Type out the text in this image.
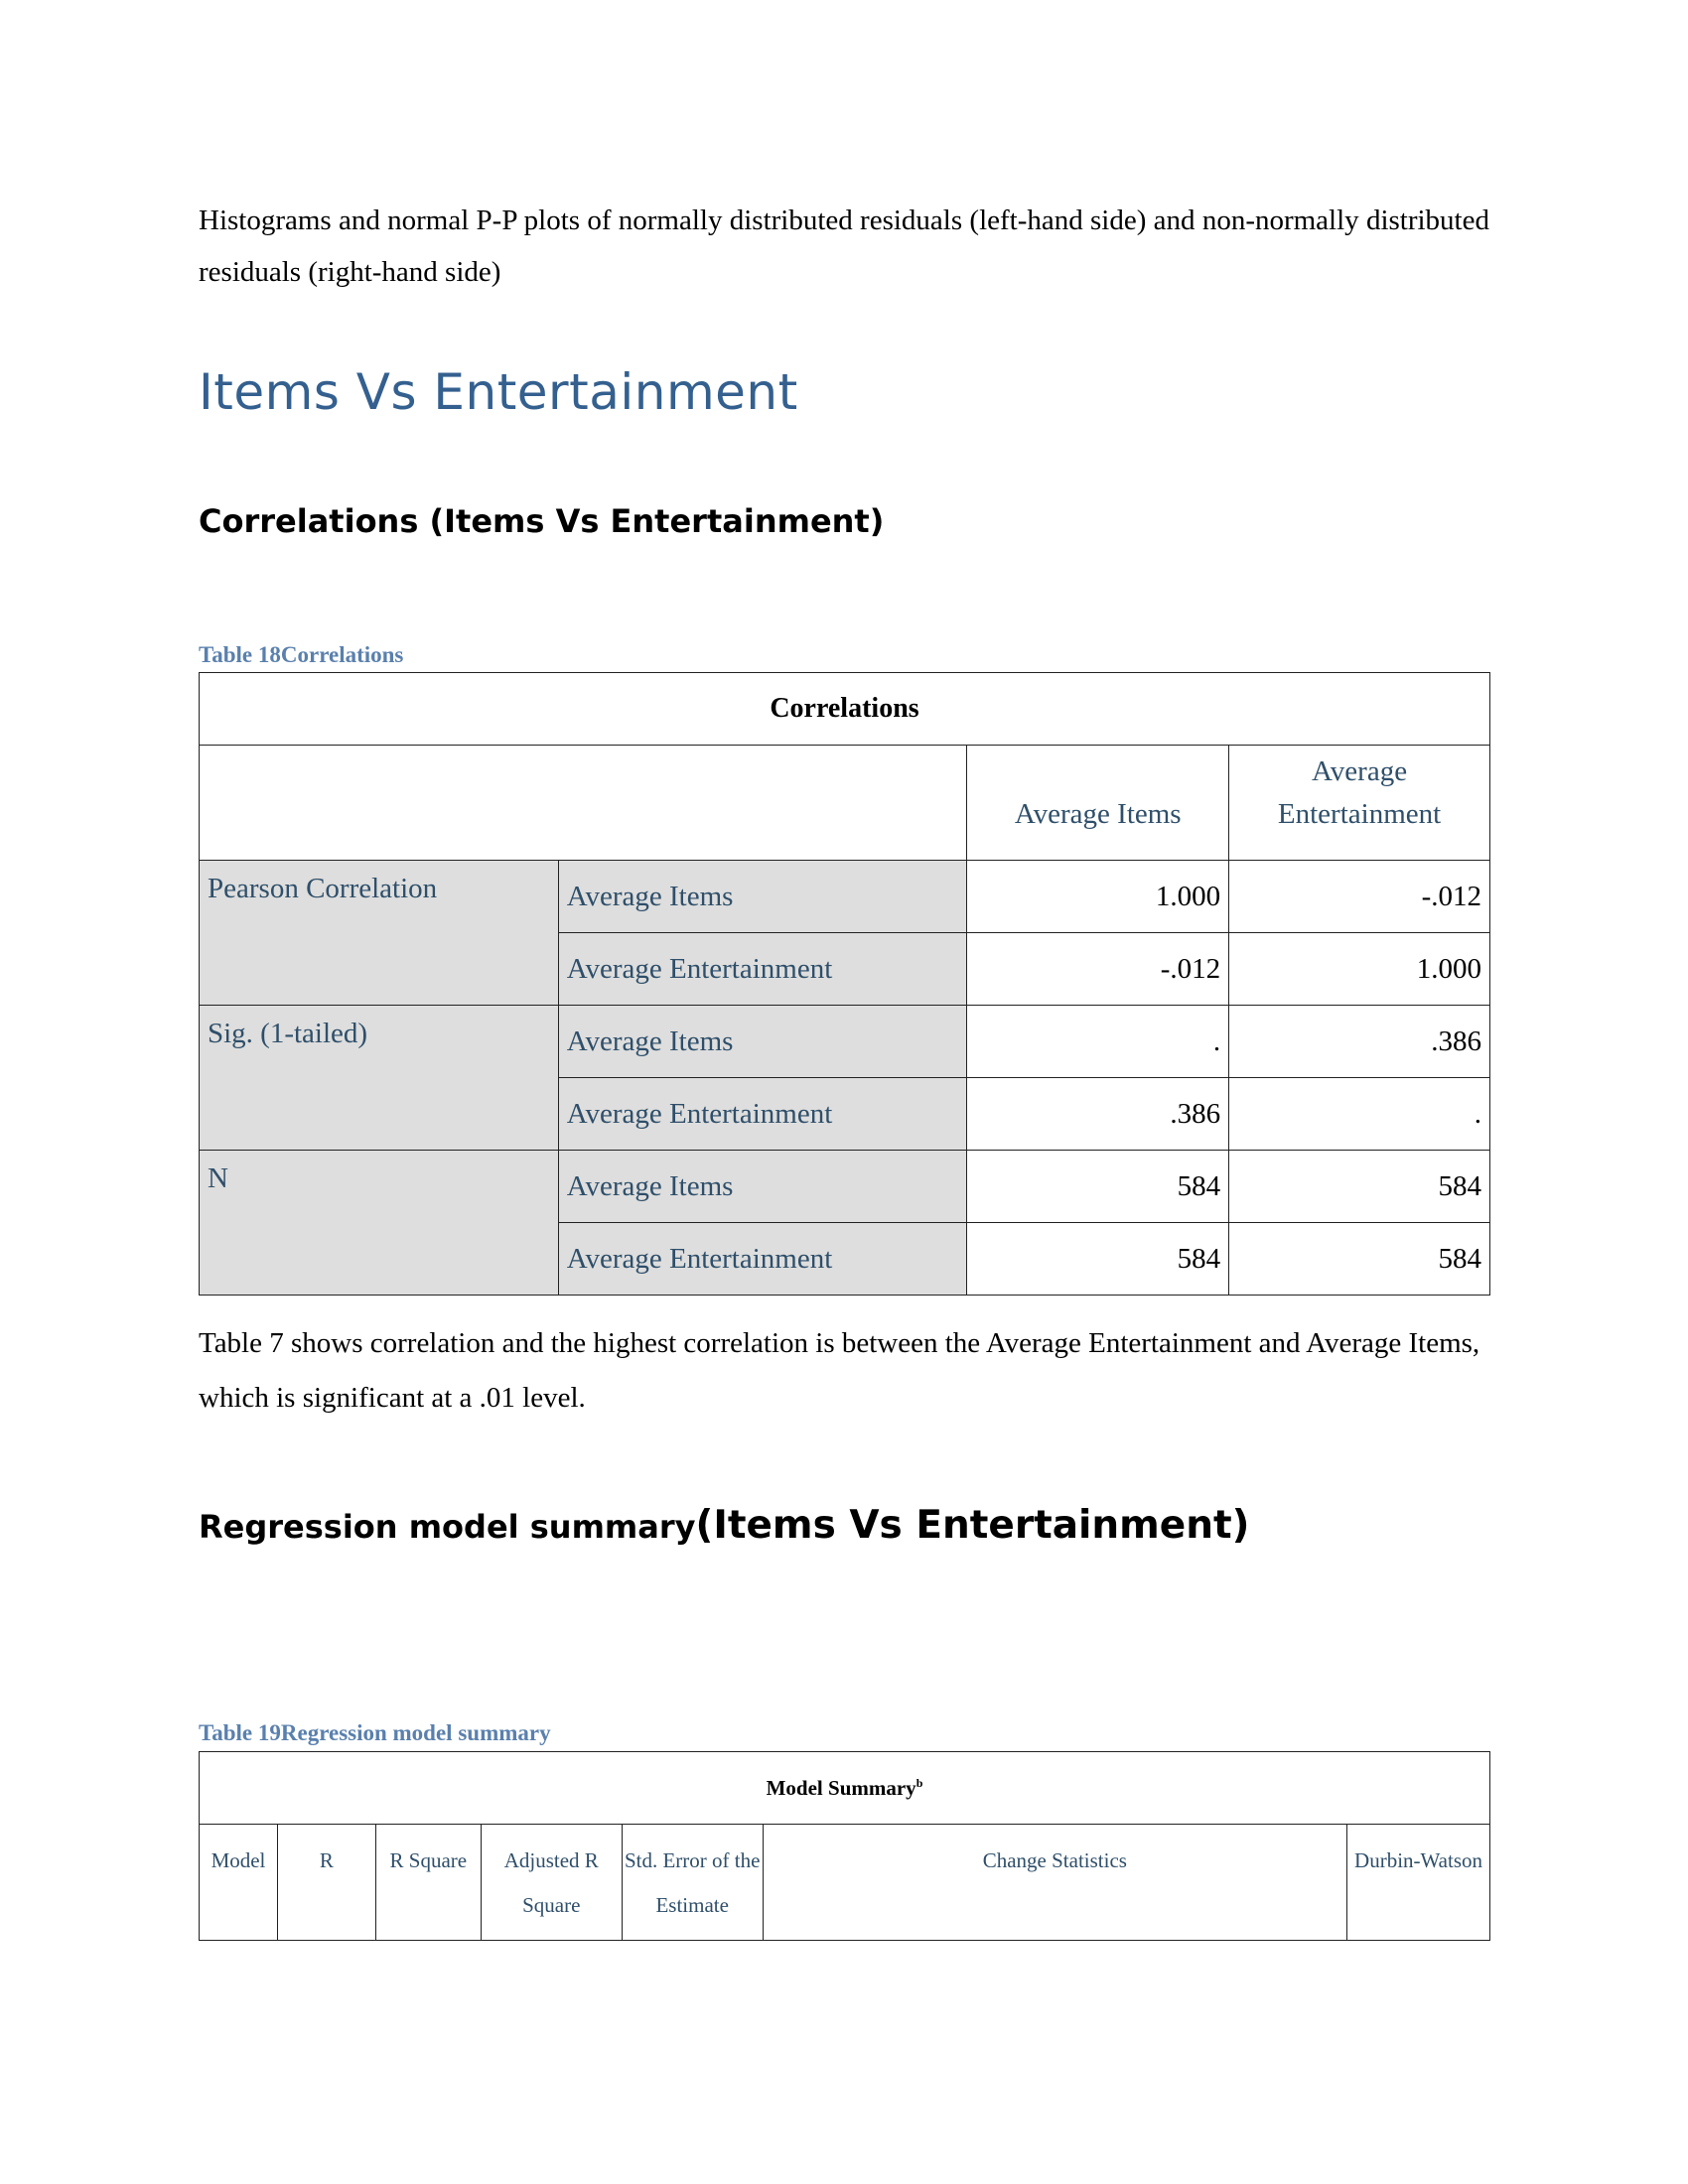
Histograms and normal P-P plots of normally distributed residuals (left-hand side) and non-normally distributed residuals (right-hand side)

Items Vs Entertainment
Correlations (Items Vs Entertainment)

Table 18Correlations

Correlations			
		Average Items	Average Entertainment
Pearson Correlation	Average Items	1.000	-.012
	Average Entertainment	-.012	1.000
Sig. (1-tailed)	Average Items	.	.386
	Average Entertainment	.386	.
N	Average Items	584	584
	Average Entertainment	584	584

Table 7 shows correlation and the highest correlation is between the Average Entertainment and Average Items, which is significant at a .01 level.

Regression model summary(Items Vs Entertainment)

Table 19Regression model summary

Model Summary$^b$
Model	R	R Square	Adjusted R Square	Std. Error of the Estimate	Change Statistics	Durbin-Watson
